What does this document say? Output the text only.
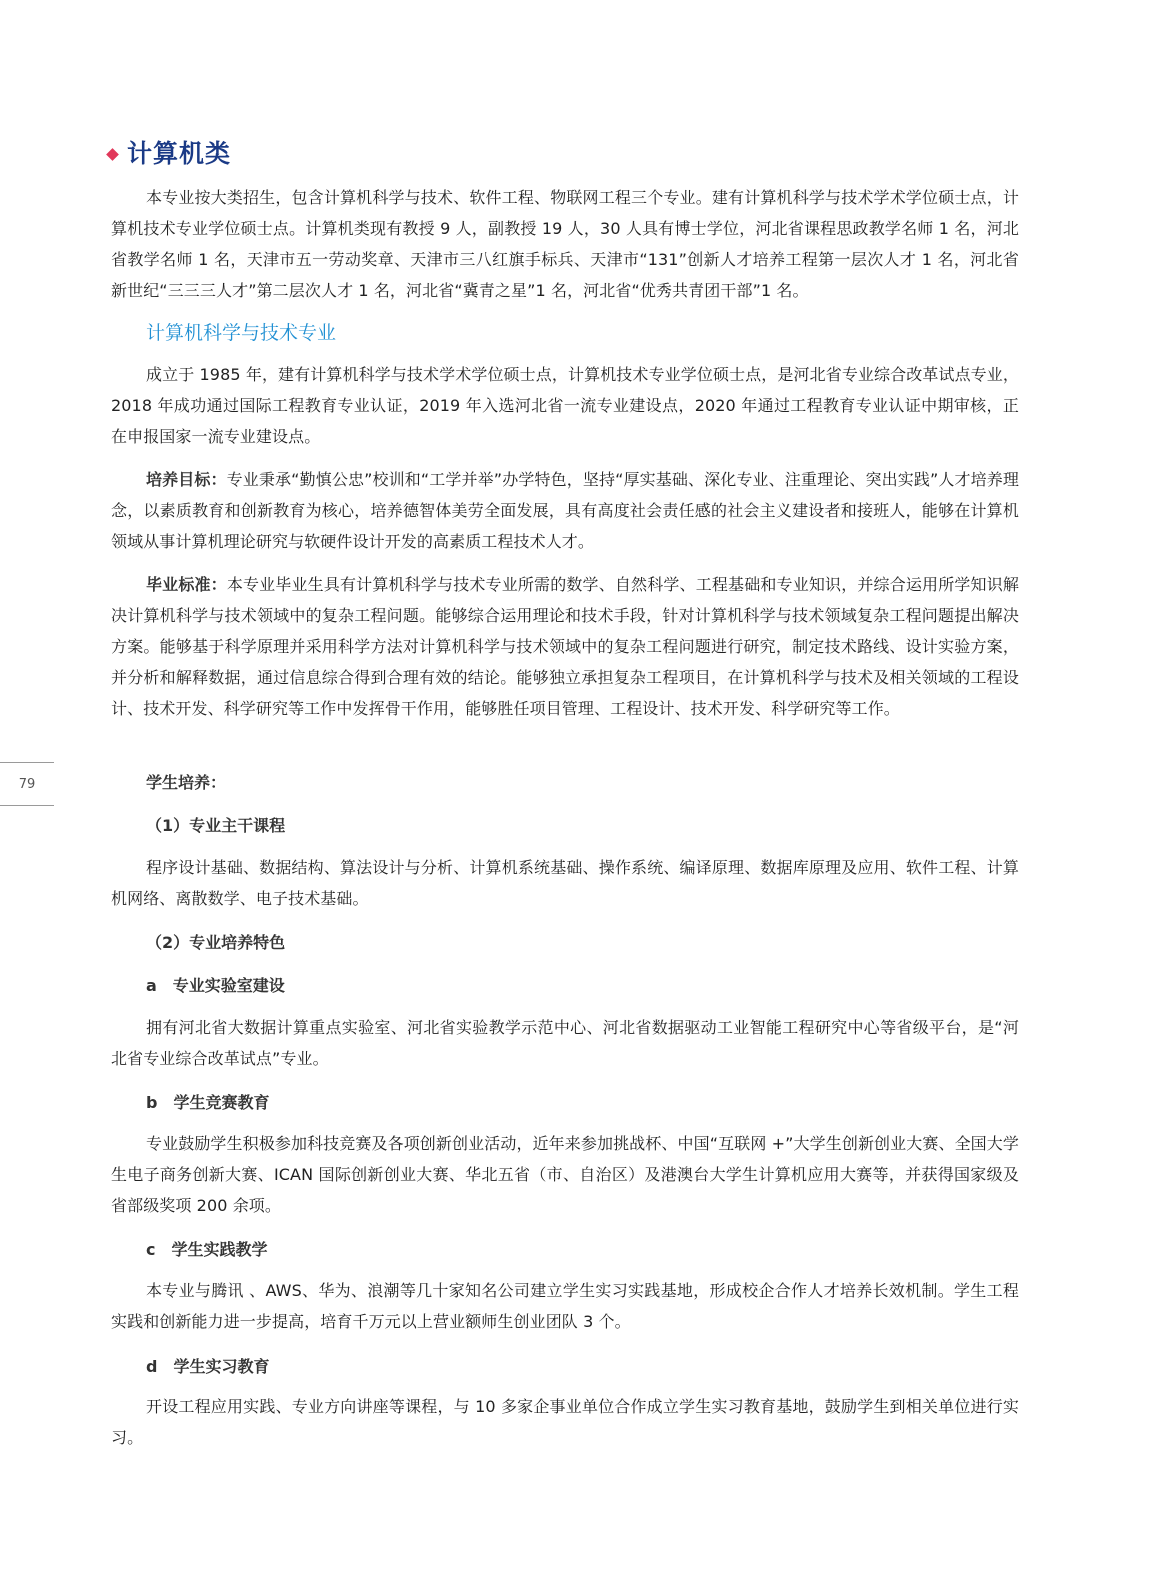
计算机类

本专业按大类招生，包含计算机科学与技术、软件工程、物联网工程三个专业。建有计算机科学与技术学术学位硕士点，计算机技术专业学位硕士点。计算机类现有教授 9 人，副教授 19 人，30 人具有博士学位，河北省课程思政教学名师 1 名，河北省教学名师 1 名，天津市五一劳动奖章、天津市三八红旗手标兵、天津市“131”创新人才培养工程第一层次人才 1 名，河北省新世纪“三三三人才”第二层次人才 1 名，河北省“冀青之星”1 名，河北省“优秀共青团干部”1 名。

计算机科学与技术专业

成立于 1985 年，建有计算机科学与技术学术学位硕士点，计算机技术专业学位硕士点，是河北省专业综合改革试点专业，2018 年成功通过国际工程教育专业认证，2019 年入选河北省一流专业建设点，2020 年通过工程教育专业认证中期审核，正在申报国家一流专业建设点。

培养目标：专业秉承“勤慎公忠”校训和“工学并举”办学特色，坚持“厚实基础、深化专业、注重理论、突出实践”人才培养理念，以素质教育和创新教育为核心，培养德智体美劳全面发展，具有高度社会责任感的社会主义建设者和接班人，能够在计算机领域从事计算机理论研究与软硬件设计开发的高素质工程技术人才。

毕业标准：本专业毕业生具有计算机科学与技术专业所需的数学、自然科学、工程基础和专业知识，并综合运用所学知识解决计算机科学与技术领域中的复杂工程问题。能够综合运用理论和技术手段，针对计算机科学与技术领域复杂工程问题提出解决方案。能够基于科学原理并采用科学方法对计算机科学与技术领域中的复杂工程问题进行研究，制定技术路线、设计实验方案，并分析和解释数据，通过信息综合得到合理有效的结论。能够独立承担复杂工程项目，在计算机科学与技术及相关领域的工程设计、技术开发、科学研究等工作中发挥骨干作用，能够胜任项目管理、工程设计、技术开发、科学研究等工作。

学生培养：

（1）专业主干课程

程序设计基础、数据结构、算法设计与分析、计算机系统基础、操作系统、编译原理、数据库原理及应用、软件工程、计算机网络、离散数学、电子技术基础。

（2）专业培养特色

a　专业实验室建设

拥有河北省大数据计算重点实验室、河北省实验教学示范中心、河北省数据驱动工业智能工程研究中心等省级平台，是“河北省专业综合改革试点”专业。

b　学生竞赛教育

专业鼓励学生积极参加科技竞赛及各项创新创业活动，近年来参加挑战杯、中国“互联网 +”大学生创新创业大赛、全国大学生电子商务创新大赛、ICAN 国际创新创业大赛、华北五省（市、自治区）及港澳台大学生计算机应用大赛等，并获得国家级及省部级奖项 200 余项。

c　学生实践教学

本专业与腾讯 、AWS、华为、浪潮等几十家知名公司建立学生实习实践基地，形成校企合作人才培养长效机制。学生工程实践和创新能力进一步提高，培育千万元以上营业额师生创业团队 3 个。

d　学生实习教育

开设工程应用实践、专业方向讲座等课程，与 10 多家企事业单位合作成立学生实习教育基地，鼓励学生到相关单位进行实习。

79
